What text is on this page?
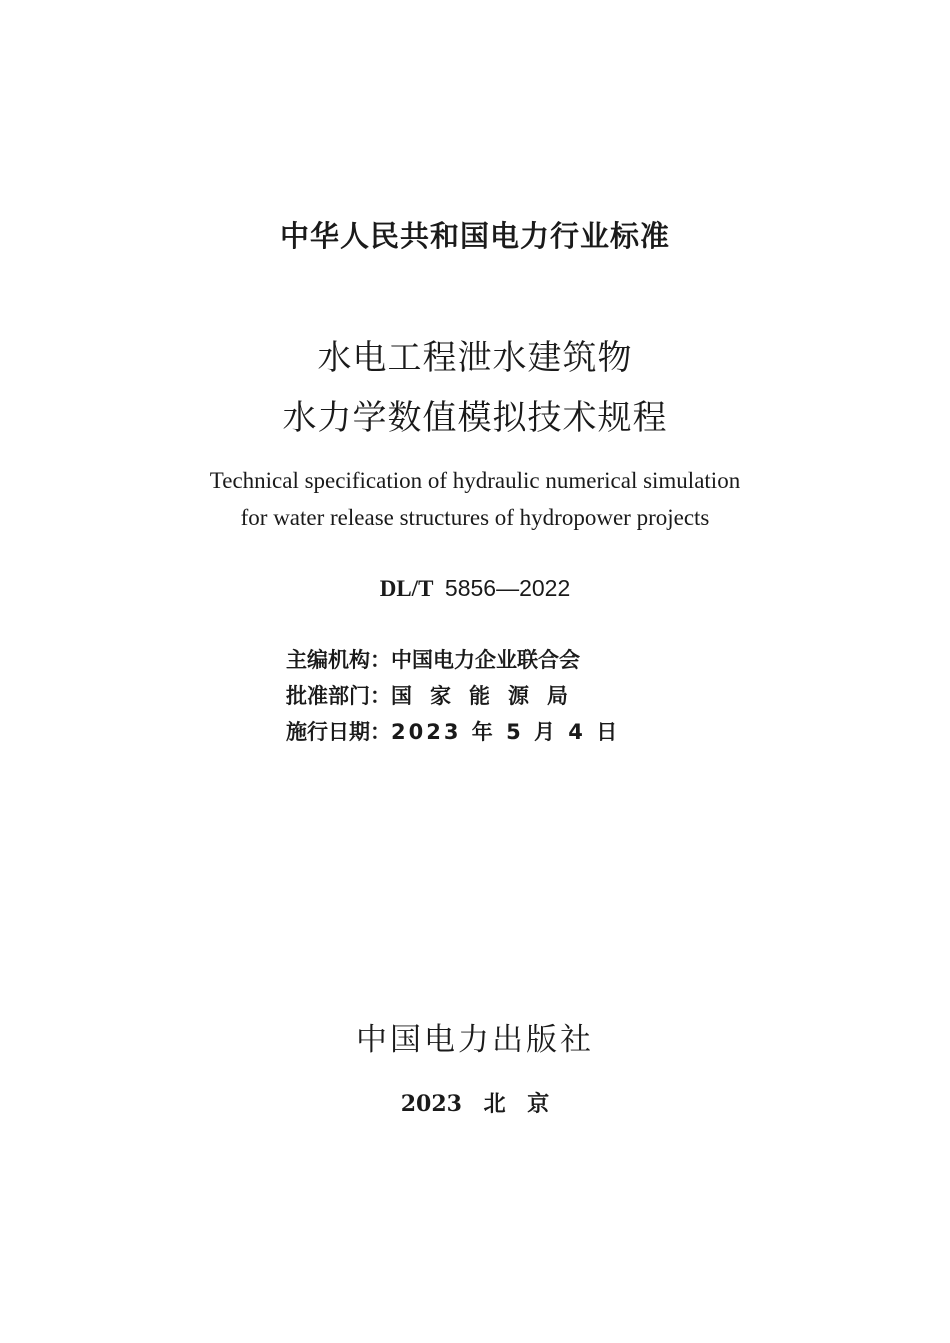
中华人民共和国电力行业标准
水电工程泄水建筑物
水力学数值模拟技术规程
Technical specification of hydraulic numerical simulation
for water release structures of hydropower projects
DL/T 5856—2022
主编机构：中国电力企业联合会
批准部门：国家能源局
施行日期：2023 年 5 月 4 日
中国电力出版社
2023 北 京
